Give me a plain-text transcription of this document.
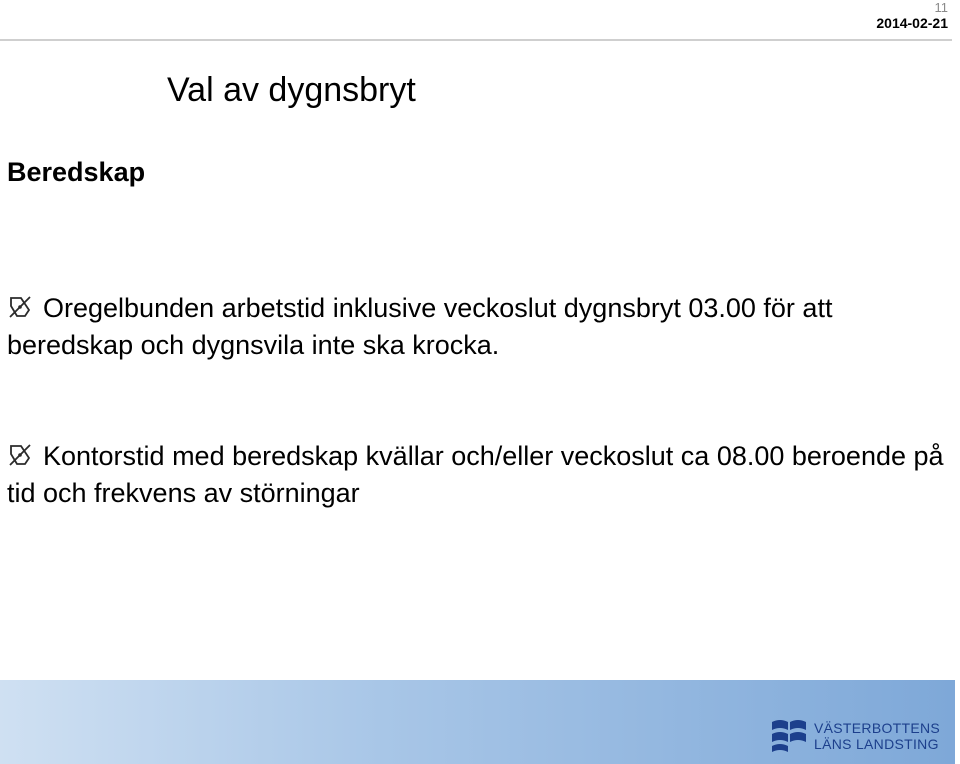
11
2014-02-21
Val av dygnsbryt
Beredskap
Oregelbunden arbetstid inklusive veckoslut dygnsbryt 03.00 för att beredskap och dygnsvila inte ska krocka.
Kontorstid med beredskap kvällar och/eller veckoslut ca 08.00 beroende på tid och frekvens av störningar
VÄSTERBOTTENS
LÄNS LANDSTING
